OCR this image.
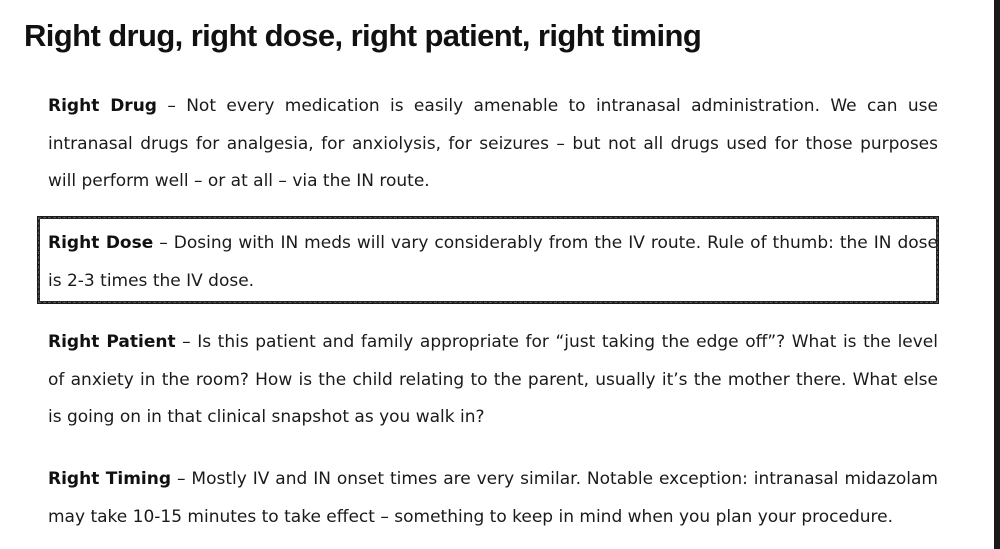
Right drug, right dose, right patient, right timing

Right Drug – Not every medication is easily amenable to intranasal administration. We can use intranasal drugs for analgesia, for anxiolysis, for seizures – but not all drugs used for those purposes will perform well – or at all – via the IN route.

Right Dose – Dosing with IN meds will vary considerably from the IV route. Rule of thumb: the IN dose is 2-3 times the IV dose.

Right Patient – Is this patient and family appropriate for “just taking the edge off”? What is the level of anxiety in the room? How is the child relating to the parent, usually it’s the mother there. What else is going on in that clinical snapshot as you walk in?

Right Timing – Mostly IV and IN onset times are very similar. Notable exception: intranasal midazolam may take 10-15 minutes to take effect – something to keep in mind when you plan your procedure.
